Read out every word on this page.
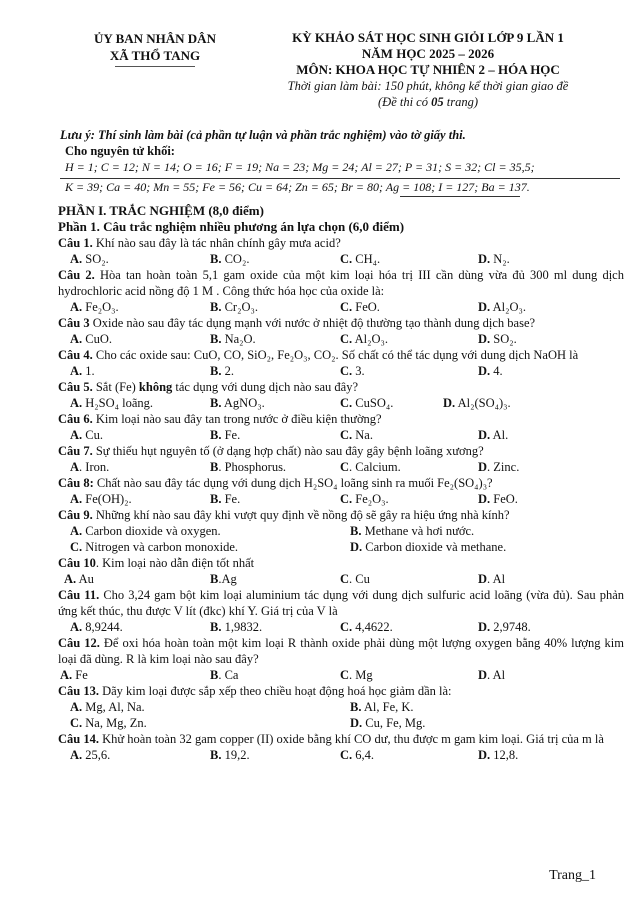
ỦY BAN NHÂN DÂN
XÃ THỔ TANG
KỲ KHẢO SÁT HỌC SINH GIỎI LỚP 9 LẦN 1
NĂM HỌC 2025 – 2026
MÔN: KHOA HỌC TỰ NHIÊN 2 – HÓA HỌC
Thời gian làm bài: 150 phút, không kể thời gian giao đề
(Đề thi có 05 trang)
Lưu ý: Thí sinh làm bài (cả phần tự luận và phần trắc nghiệm) vào tờ giấy thi.
Cho nguyên tử khối:
H = 1; C = 12; N = 14; O = 16; F = 19; Na = 23; Mg = 24; Al = 27; P = 31; S = 32; Cl = 35,5;
K = 39; Ca = 40; Mn = 55; Fe = 56; Cu = 64; Zn = 65; Br = 80; Ag = 108; I = 127; Ba = 137.
PHẦN I. TRẮC NGHIỆM (8,0 điểm)
Phần 1. Câu trắc nghiệm nhiều phương án lựa chọn (6,0 điểm)
Câu 1. Khí nào sau đây là tác nhân chính gây mưa acid?
A. SO₂.	B. CO₂.	C. CH₄.	D. N₂.
Câu 2. Hòa tan hoàn toàn 5,1 gam oxide của một kim loại hóa trị III cần dùng vừa đủ 300 ml dung dịch hydrochloric acid nồng độ 1 M . Công thức hóa học của oxide là:
A. Fe₂O₃.	B. Cr₂O₃.	C. FeO.	D. Al₂O₃.
Câu 3 Oxide nào sau đây tác dụng mạnh với nước ở nhiệt độ thường tạo thành dung dịch base?
A. CuO.	B. Na₂O.	C. Al₂O₃.	D. SO₂.
Câu 4. Cho các oxide sau: CuO, CO, SiO₂, Fe₂O₃, CO₂. Số chất có thể tác dụng với dung dịch NaOH là
A. 1.	B. 2.	C. 3.	D. 4.
Câu 5. Sắt (Fe) không tác dụng với dung dịch nào sau đây?
A. H₂SO₄ loãng.	B. AgNO₃.	C. CuSO₄.	D. Al₂(SO₄)₃.
Câu 6. Kim loại nào sau đây tan trong nước ở điều kiện thường?
A. Cu.	B. Fe.	C. Na.	D. Al.
Câu 7. Sự thiếu hụt nguyên tố (ở dạng hợp chất) nào sau đây gây bệnh loãng xương?
A. Iron.	B. Phosphorus.	C. Calcium.	D. Zinc.
Câu 8: Chất nào sau đây tác dụng với dung dịch H₂SO₄ loãng sinh ra muối Fe₂(SO₄)₃?
A. Fe(OH)₂.	B. Fe.	C. Fe₂O₃.	D. FeO.
Câu 9. Những khí nào sau đây khi vượt quy định về nồng độ sẽ gây ra hiệu ứng nhà kính?
A. Carbon dioxide và oxygen.	B. Methane và hơi nước.
C. Nitrogen và carbon monoxide.	D. Carbon dioxide và methane.
Câu 10. Kim loại nào dẫn điện tốt nhất
A. Au	B.Ag	C. Cu	D. Al
Câu 11. Cho 3,24 gam bột kim loại aluminium tác dụng với dung dịch sulfuric acid loãng (vừa đủ). Sau phản ứng kết thúc, thu được V lít (đkc) khí Y. Giá trị của V là
A. 8,9244.	B. 1,9832.	C. 4,4622.	D. 2,9748.
Câu 12. Để oxi hóa hoàn toàn một kim loại R thành oxide phải dùng một lượng oxygen bằng 40% lượng kim loại đã dùng. R là kim loại nào sau đây?
A. Fe	B. Ca	C. Mg	D. Al
Câu 13. Dãy kim loại được sắp xếp theo chiều hoạt động hoá học giảm dần là:
A. Mg, Al, Na.	B. Al, Fe, K.
C. Na, Mg, Zn.	D. Cu, Fe, Mg.
Câu 14. Khử hoàn toàn 32 gam copper (II) oxide bằng khí CO dư, thu được m gam kim loại. Giá trị của m là
A. 25,6.	B. 19,2.	C. 6,4.	D. 12,8.
Trang_1
